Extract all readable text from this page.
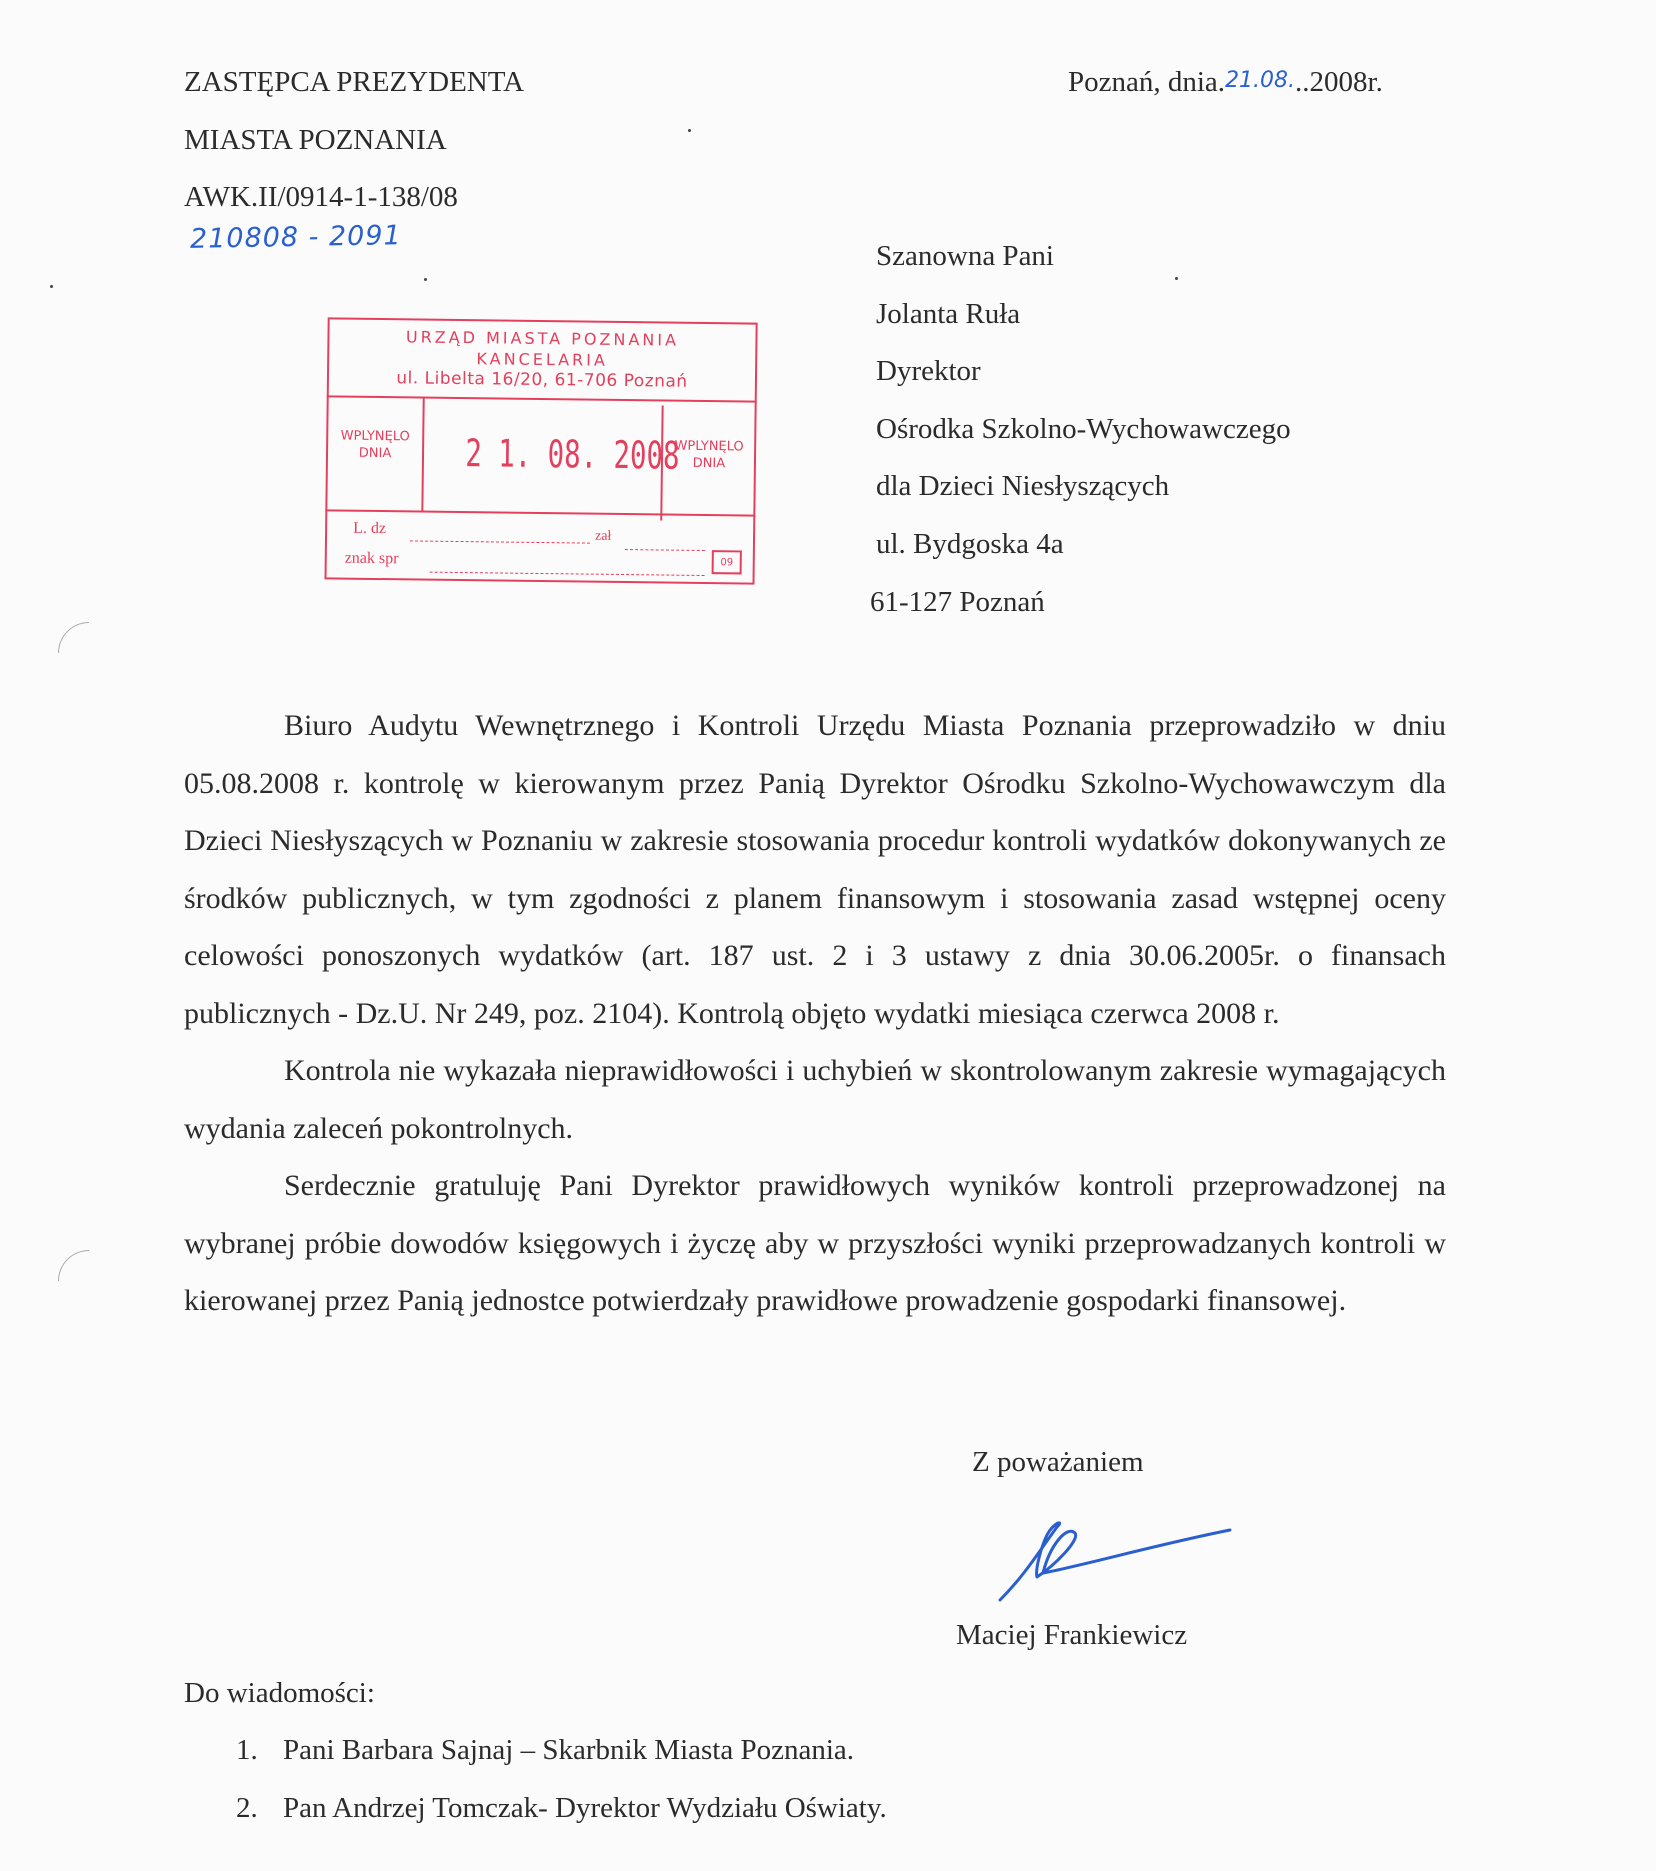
ZASTĘPCA PREZYDENTA
MIASTA POZNANIA
AWK.II/0914-1-138/08
210808 - 2091
Poznań, dnia.21.08...2008r.
Szanowna Pani
Jolanta Ruła
Dyrektor
Ośrodka Szkolno-Wychowawczego
dla Dzieci Niesłyszących
ul. Bydgoska 4a
61-127 Poznań
URZĄD MIASTA POZNANIA
KANCELARIA
ul. Libelta 16/20, 61-706 Poznań
WPLYNĘLO
DNIA	2 1. 08. 2008
WPLYNĘLO
DNIA
L. dz	zał
znak spr	09

Biuro Audytu Wewnętrznego i Kontroli Urzędu Miasta Poznania przeprowadziło w dniu 05.08.2008 r. kontrolę w kierowanym przez Panią Dyrektor Ośrodku Szkolno-Wychowawczym dla Dzieci Niesłyszących w Poznaniu w zakresie stosowania procedur kontroli wydatków dokonywanych ze środków publicznych, w tym zgodności z planem finansowym i stosowania zasad wstępnej oceny celowości ponoszonych wydatków (art. 187 ust. 2 i 3 ustawy z dnia 30.06.2005r. o finansach publicznych - Dz.U. Nr 249, poz. 2104). Kontrolą objęto wydatki miesiąca czerwca 2008 r.

Kontrola nie wykazała nieprawidłowości i uchybień w skontrolowanym zakresie wymagających wydania zaleceń pokontrolnych.

Serdecznie gratuluję Pani Dyrektor prawidłowych wyników kontroli przeprowadzonej na wybranej próbie dowodów księgowych i życzę aby w przyszłości wyniki przeprowadzanych kontroli w kierowanej przez Panią jednostce potwierdzały prawidłowe prowadzenie gospodarki finansowej.

Z poważaniem
Maciej Frankiewicz
Do wiadomości:
1. Pani Barbara Sajnaj – Skarbnik Miasta Poznania.
2. Pan Andrzej Tomczak- Dyrektor Wydziału Oświaty.
